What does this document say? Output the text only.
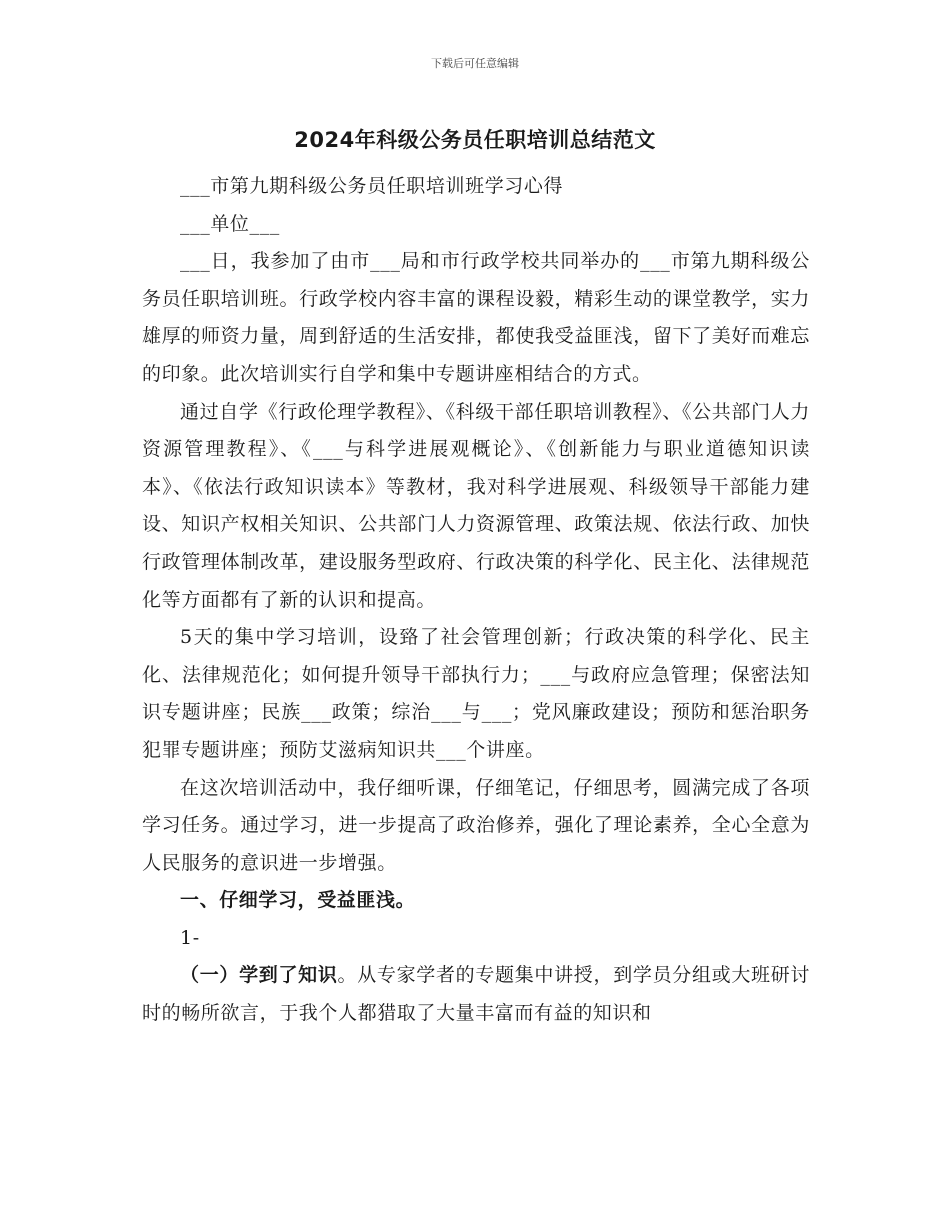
下载后可任意编辑
2024年科级公务员任职培训总结范文

___市第九期科级公务员任职培训班学习心得

___单位___

___日，我参加了由市___局和市行政学校共同举办的___市第九期科级公务员任职培训班。行政学校内容丰富的课程设毅，精彩生动的课堂教学，实力雄厚的师资力量，周到舒适的生活安排，都使我受益匪浅，留下了美好而难忘的印象。此次培训实行自学和集中专题讲座相结合的方式。

通过自学《行政伦理学教程》、《科级干部任职培训教程》、《公共部门人力资源管理教程》、《___与科学进展观概论》、《创新能力与职业道德知识读本》、《依法行政知识读本》等教材，我对科学进展观、科级领导干部能力建设、知识产权相关知识、公共部门人力资源管理、政策法规、依法行政、加快行政管理体制改革，建设服务型政府、行政决策的科学化、民主化、法律规范化等方面都有了新的认识和提高。

5天的集中学习培训，设臵了社会管理创新；行政决策的科学化、民主化、法律规范化；如何提升领导干部执行力；___与政府应急管理；保密法知识专题讲座；民族___政策；综治___与___；党风廉政建设；预防和惩治职务犯罪专题讲座；预防艾滋病知识共___个讲座。

在这次培训活动中，我仔细听课，仔细笔记，仔细思考，圆满完成了各项学习任务。通过学习，进一步提高了政治修养，强化了理论素养，全心全意为人民服务的意识进一步增强。

一、仔细学习，受益匪浅。

1-

（一）学到了知识。从专家学者的专题集中讲授，到学员分组或大班研讨时的畅所欲言，于我个人都猎取了大量丰富而有益的知识和
